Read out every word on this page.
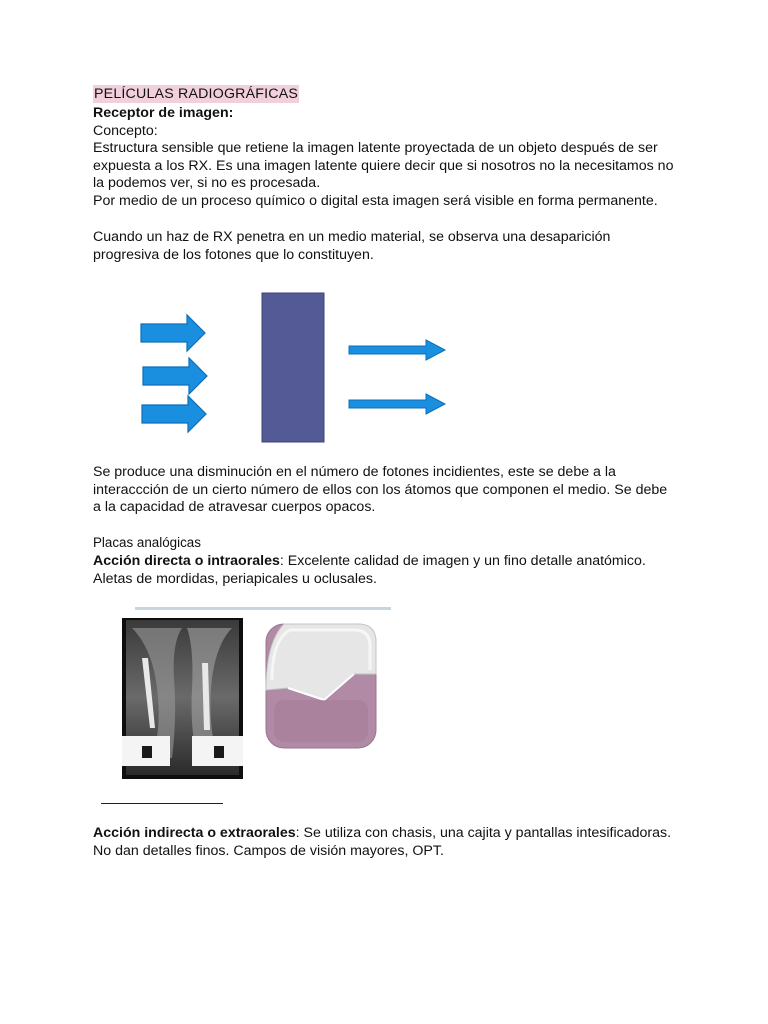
PELÍCULAS RADIOGRÁFICAS
Receptor de imagen:
Concepto:
Estructura sensible que retiene la imagen latente proyectada de un objeto después de ser
expuesta a los RX. Es una imagen latente quiere decir que si nosotros no la necesitamos no
la podemos ver, si no es procesada.
Por medio de un proceso químico o digital esta imagen será visible en forma permanente.
Cuando un haz de RX penetra en un medio material, se observa una desaparición
progresiva de los fotones que lo constituyen.
Se produce una disminución en el número de fotones incidientes, este se debe a la
interaccción de un cierto número de ellos con los átomos que componen el medio. Se debe
a la capacidad de atravesar cuerpos opacos.
Placas analógicas
Acción directa o intraorales: Excelente calidad de imagen y un fino detalle anatómico.
Aletas de mordidas, periapicales u oclusales.
Acción indirecta o extraorales: Se utiliza con chasis, una cajita y pantallas intesificadoras.
No dan detalles finos. Campos de visión mayores, OPT.
